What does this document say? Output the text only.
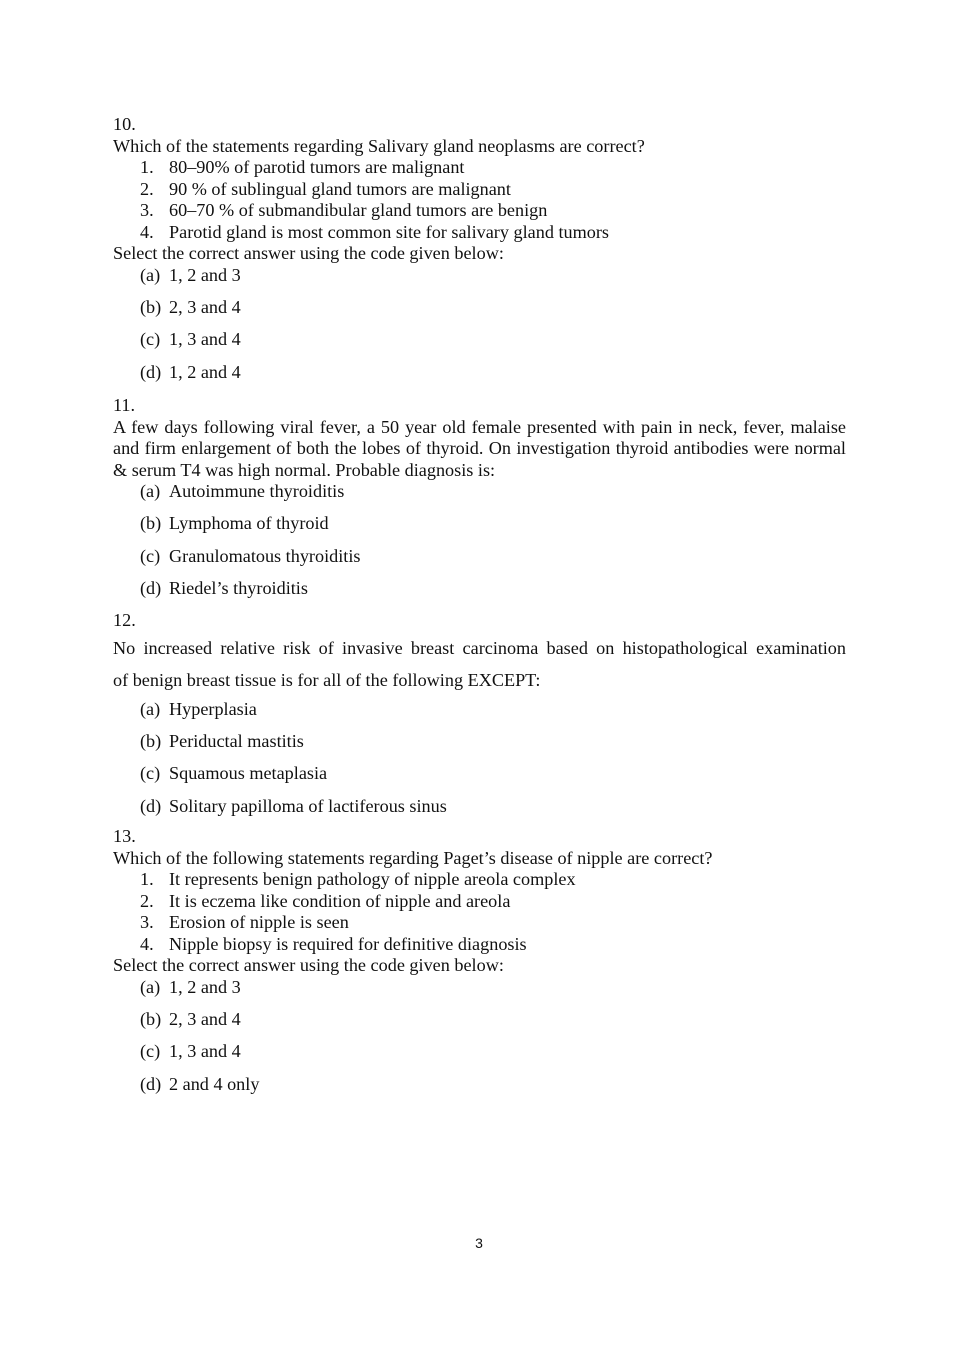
10.
Which of the statements regarding Salivary gland neoplasms are correct?
1. 80–90% of parotid tumors are malignant
2. 90 % of sublingual gland tumors are malignant
3. 60–70 % of submandibular gland tumors are benign
4. Parotid gland is most common site for salivary gland tumors
Select the correct answer using the code given below:
(a) 1, 2 and 3
(b) 2, 3 and 4
(c) 1, 3 and 4
(d) 1, 2 and 4
11.
A few days following viral fever, a 50 year old female presented with pain in neck, fever, malaise and firm enlargement of both the lobes of thyroid. On investigation thyroid antibodies were normal & serum T4 was high normal. Probable diagnosis is:
(a) Autoimmune thyroiditis
(b) Lymphoma of thyroid
(c) Granulomatous thyroiditis
(d) Riedel’s thyroiditis
12.
No increased relative risk of invasive breast carcinoma based on histopathological examination
of benign breast tissue is for all of the following EXCEPT:
(a) Hyperplasia
(b) Periductal mastitis
(c) Squamous metaplasia
(d) Solitary papilloma of lactiferous sinus
13.
Which of the following statements regarding Paget’s disease of nipple are correct?
1. It represents benign pathology of nipple areola complex
2. It is eczema like condition of nipple and areola
3. Erosion of nipple is seen
4. Nipple biopsy is required for definitive diagnosis
Select the correct answer using the code given below:
(a) 1, 2 and 3
(b) 2, 3 and 4
(c) 1, 3 and 4
(d) 2 and 4 only
3
